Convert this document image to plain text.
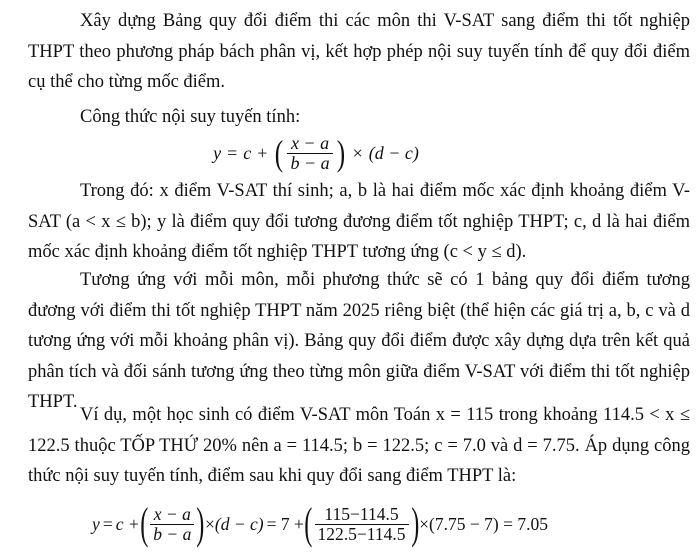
Xây dựng Bảng quy đổi điểm thi các môn thi V-SAT sang điểm thi tốt nghiệp THPT theo phương pháp bách phân vị, kết hợp phép nội suy tuyến tính để quy đổi điểm cụ thể cho từng mốc điểm.

Công thức nội suy tuyến tính:

y = c + ( $\frac{x - a}{b - a}$ ) × (d − c)

Trong đó: x điểm V-SAT thí sinh; a, b là hai điểm mốc xác định khoảng điểm V-SAT (a < x ≤ b); y là điểm quy đổi tương đương điểm tốt nghiệp THPT; c, d là hai điểm mốc xác định khoảng điểm tốt nghiệp THPT tương ứng (c < y ≤ d).

Tương ứng với mỗi môn, mỗi phương thức sẽ có 1 bảng quy đổi điểm tương đương với điểm thi tốt nghiệp THPT năm 2025 riêng biệt (thể hiện các giá trị a, b, c và d tương ứng với mỗi khoảng phân vị). Bảng quy đổi điểm được xây dựng dựa trên kết quả phân tích và đối sánh tương ứng theo từng môn giữa điểm V-SAT với điểm thi tốt nghiệp THPT.

Ví dụ, một học sinh có điểm V-SAT môn Toán x = 115 trong khoảng 114.5 < x ≤ 122.5 thuộc TỐP THỨ 20% nên a = 114.5; b = 122.5; c = 7.0 và d = 7.75. Áp dụng công thức nội suy tuyến tính, điểm sau khi quy đổi sang điểm THPT là:

y = c + ( $\frac{x - a}{b - a}$ ) × (d − c) = 7 + ( $\frac{115-114.5}{122.5-114.5}$ ) × (7.75 − 7) = 7.05
